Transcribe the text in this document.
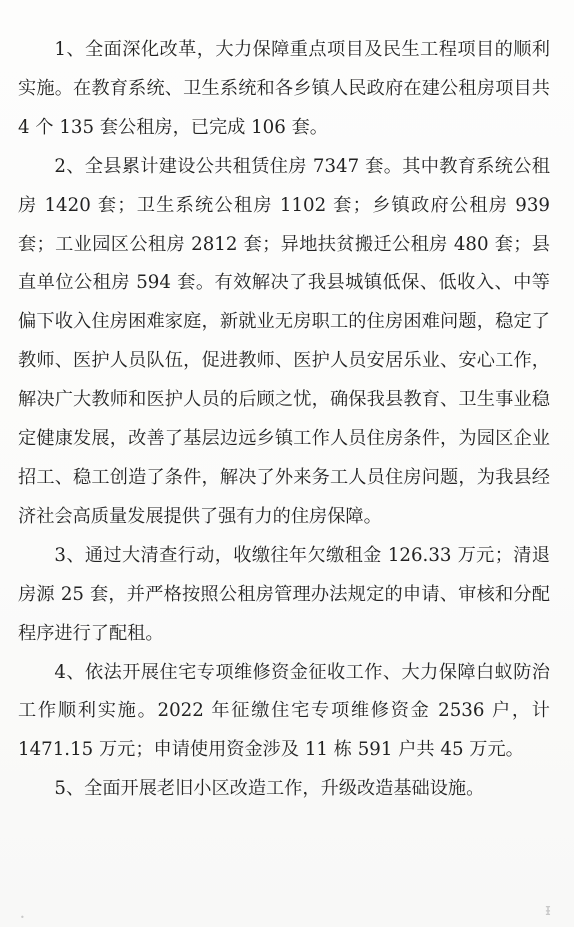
1、全面深化改革，大力保障重点项目及民生工程项目的顺利实施。在教育系统、卫生系统和各乡镇人民政府在建公租房项目共 4 个 135 套公租房，已完成 106 套。

2、全县累计建设公共租赁住房 7347 套。其中教育系统公租房 1420 套；卫生系统公租房 1102 套；乡镇政府公租房 939 套；工业园区公租房 2812 套；异地扶贫搬迁公租房 480 套；县直单位公租房 594 套。有效解决了我县城镇低保、低收入、中等偏下收入住房困难家庭，新就业无房职工的住房困难问题，稳定了教师、医护人员队伍，促进教师、医护人员安居乐业、安心工作，解决广大教师和医护人员的后顾之忧，确保我县教育、卫生事业稳定健康发展，改善了基层边远乡镇工作人员住房条件，为园区企业招工、稳工创造了条件，解决了外来务工人员住房问题，为我县经济社会高质量发展提供了强有力的住房保障。

3、通过大清查行动，收缴往年欠缴租金 126.33 万元；清退房源 25 套，并严格按照公租房管理办法规定的申请、审核和分配程序进行了配租。

4、依法开展住宅专项维修资金征收工作、大力保障白蚁防治工作顺利实施。2022 年征缴住宅专项维修资金 2536 户，计 1471.15 万元；申请使用资金涉及 11 栋 591 户共 45 万元。

5、全面开展老旧小区改造工作，升级改造基础设施。

ᵻ
•
